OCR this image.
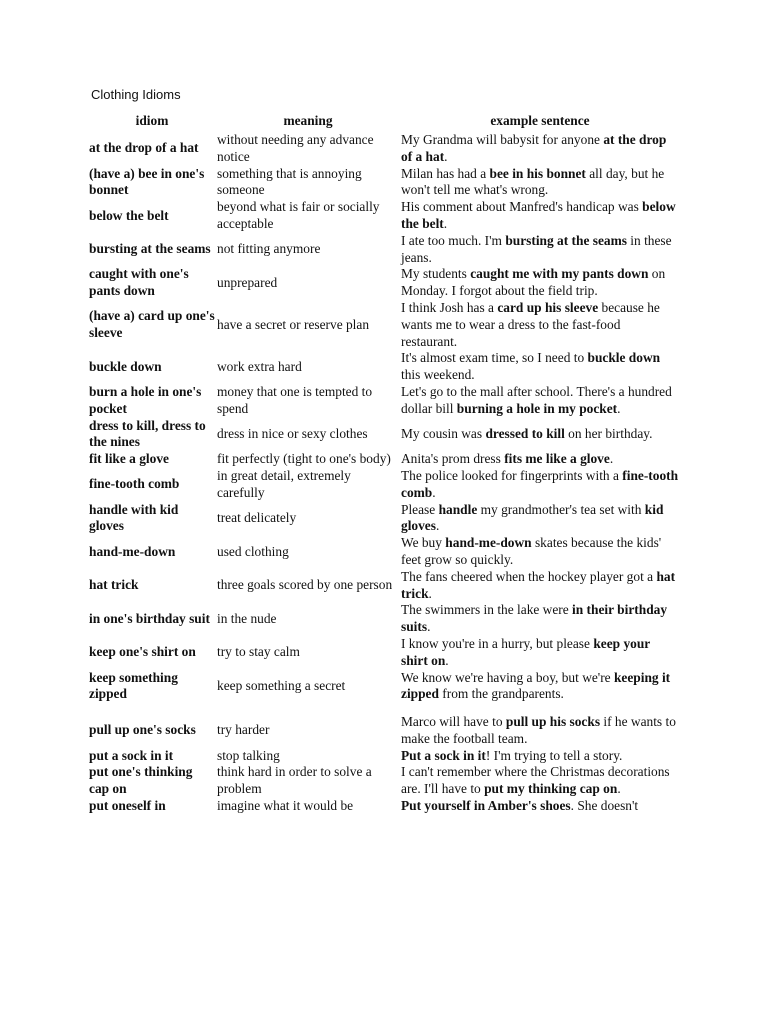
Clothing Idioms
idiom	meaning	example sentence
at the drop of a hat	without needing any advance notice	My Grandma will babysit for anyone at the drop of a hat.
(have a) bee in one's bonnet	something that is annoying someone	Milan has had a bee in his bonnet all day, but he won't tell me what's wrong.
below the belt	beyond what is fair or socially acceptable	His comment about Manfred's handicap was below the belt.
bursting at the seams	not fitting anymore	I ate too much. I'm bursting at the seams in these jeans.
caught with one's pants down	unprepared	My students caught me with my pants down on Monday. I forgot about the field trip.
(have a) card up one's sleeve	have a secret or reserve plan	I think Josh has a card up his sleeve because he wants me to wear a dress to the fast-food restaurant.
buckle down	work extra hard	It's almost exam time, so I need to buckle down this weekend.
burn a hole in one's pocket	money that one is tempted to spend	Let's go to the mall after school. There's a hundred dollar bill burning a hole in my pocket.
dress to kill, dress to the nines	dress in nice or sexy clothes	My cousin was dressed to kill on her birthday.
fit like a glove	fit perfectly (tight to one's body)	Anita's prom dress fits me like a glove.
fine-tooth comb	in great detail, extremely carefully	The police looked for fingerprints with a fine-tooth comb.
handle with kid gloves	treat delicately	Please handle my grandmother's tea set with kid gloves.
hand-me-down	used clothing	We buy hand-me-down skates because the kids' feet grow so quickly.
hat trick	three goals scored by one person	The fans cheered when the hockey player got a hat trick.
in one's birthday suit	in the nude	The swimmers in the lake were in their birthday suits.
keep one's shirt on	try to stay calm	I know you're in a hurry, but please keep your shirt on.
keep something zipped	keep something a secret	We know we're having a boy, but we're keeping it zipped from the grandparents.
pull up one's socks	try harder	Marco will have to pull up his socks if he wants to make the football team.
put a sock in it	stop talking	Put a sock in it! I'm trying to tell a story.
put one's thinking cap on	think hard in order to solve a problem	I can't remember where the Christmas decorations are. I'll have to put my thinking cap on.
put oneself in	imagine what it would be	Put yourself in Amber's shoes. She doesn't
